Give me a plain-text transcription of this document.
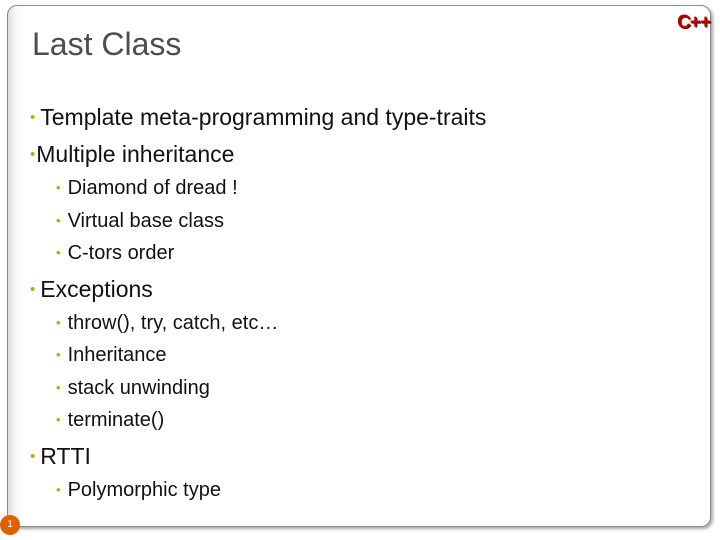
Last Class
C++
• Template meta-programming and type-traits
•Multiple inheritance
• Diamond of dread !
• Virtual base class
• C-tors order
• Exceptions
• throw(), try, catch, etc…
• Inheritance
• stack unwinding
• terminate()
• RTTI
• Polymorphic type
1
